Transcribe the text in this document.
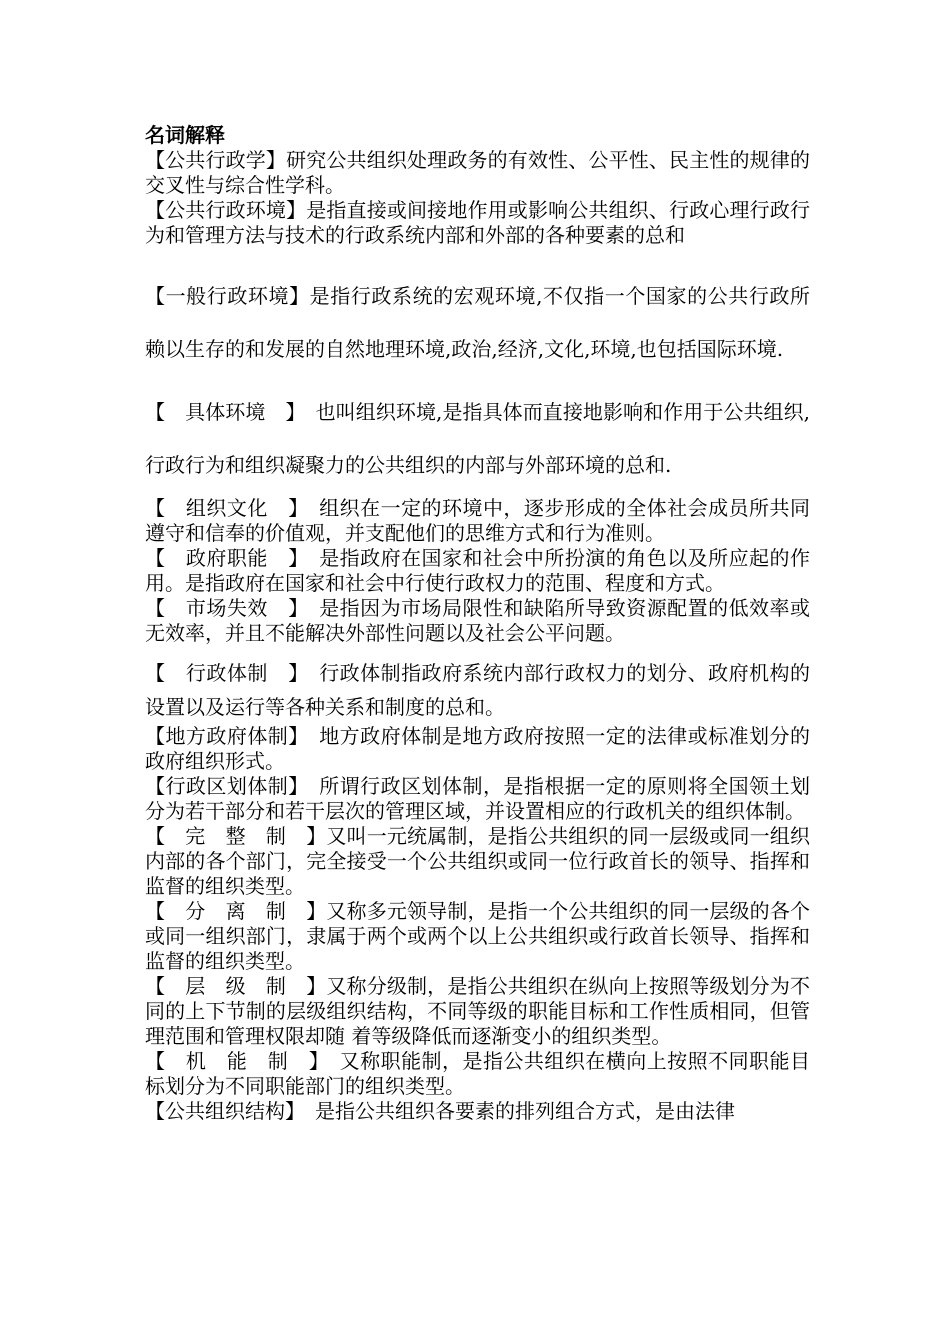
名词解释

【公共行政学】研究公共组织处理政务的有效性、公平性、民主性的规律的交叉性与综合性学科。

【公共行政环境】是指直接或间接地作用或影响公共组织、行政心理行政行为和管理方法与技术的行政系统内部和外部的各种要素的总和

【一般行政环境】是指行政系统的宏观环境,不仅指一个国家的公共行政所赖以生存的和发展的自然地理环境,政治,经济,文化,环境,也包括国际环境.

【　具体环境　】　也叫组织环境,是指具体而直接地影响和作用于公共组织,行政行为和组织凝聚力的公共组织的内部与外部环境的总和.

【　组织文化　】　组织在一定的环境中，逐步形成的全体社会成员所共同遵守和信奉的价值观，并支配他们的思维方式和行为准则。

【　政府职能　】　是指政府在国家和社会中所扮演的角色以及所应起的作用。是指政府在国家和社会中行使行政权力的范围、程度和方式。

【　市场失效　】　是指因为市场局限性和缺陷所导致资源配置的低效率或无效率，并且不能解决外部性问题以及社会公平问题。

【　行政体制　】　行政体制指政府系统内部行政权力的划分、政府机构的设置以及运行等各种关系和制度的总和。

【地方政府体制】　地方政府体制是地方政府按照一定的法律或标准划分的政府组织形式。

【行政区划体制】　所谓行政区划体制，是指根据一定的原则将全国领土划分为若干部分和若干层次的管理区域，并设置相应的行政机关的组织体制。

【　完　整　制　】又叫一元统属制，是指公共组织的同一层级或同一组织内部的各个部门，完全接受一个公共组织或同一位行政首长的领导、指挥和监督的组织类型。

【　分　离　制　】又称多元领导制，是指一个公共组织的同一层级的各个或同一组织部门，隶属于两个或两个以上公共组织或行政首长领导、指挥和监督的组织类型。

【　层　级　制　】又称分级制，是指公共组织在纵向上按照等级划分为不同的上下节制的层级组织结构，不同等级的职能目标和工作性质相同，但管理范围和管理权限却随 着等级降低而逐渐变小的组织类型。

【　机　能　制　】　又称职能制，是指公共组织在横向上按照不同职能目标划分为不同职能部门的组织类型。

【公共组织结构】　是指公共组织各要素的排列组合方式，是由法律
